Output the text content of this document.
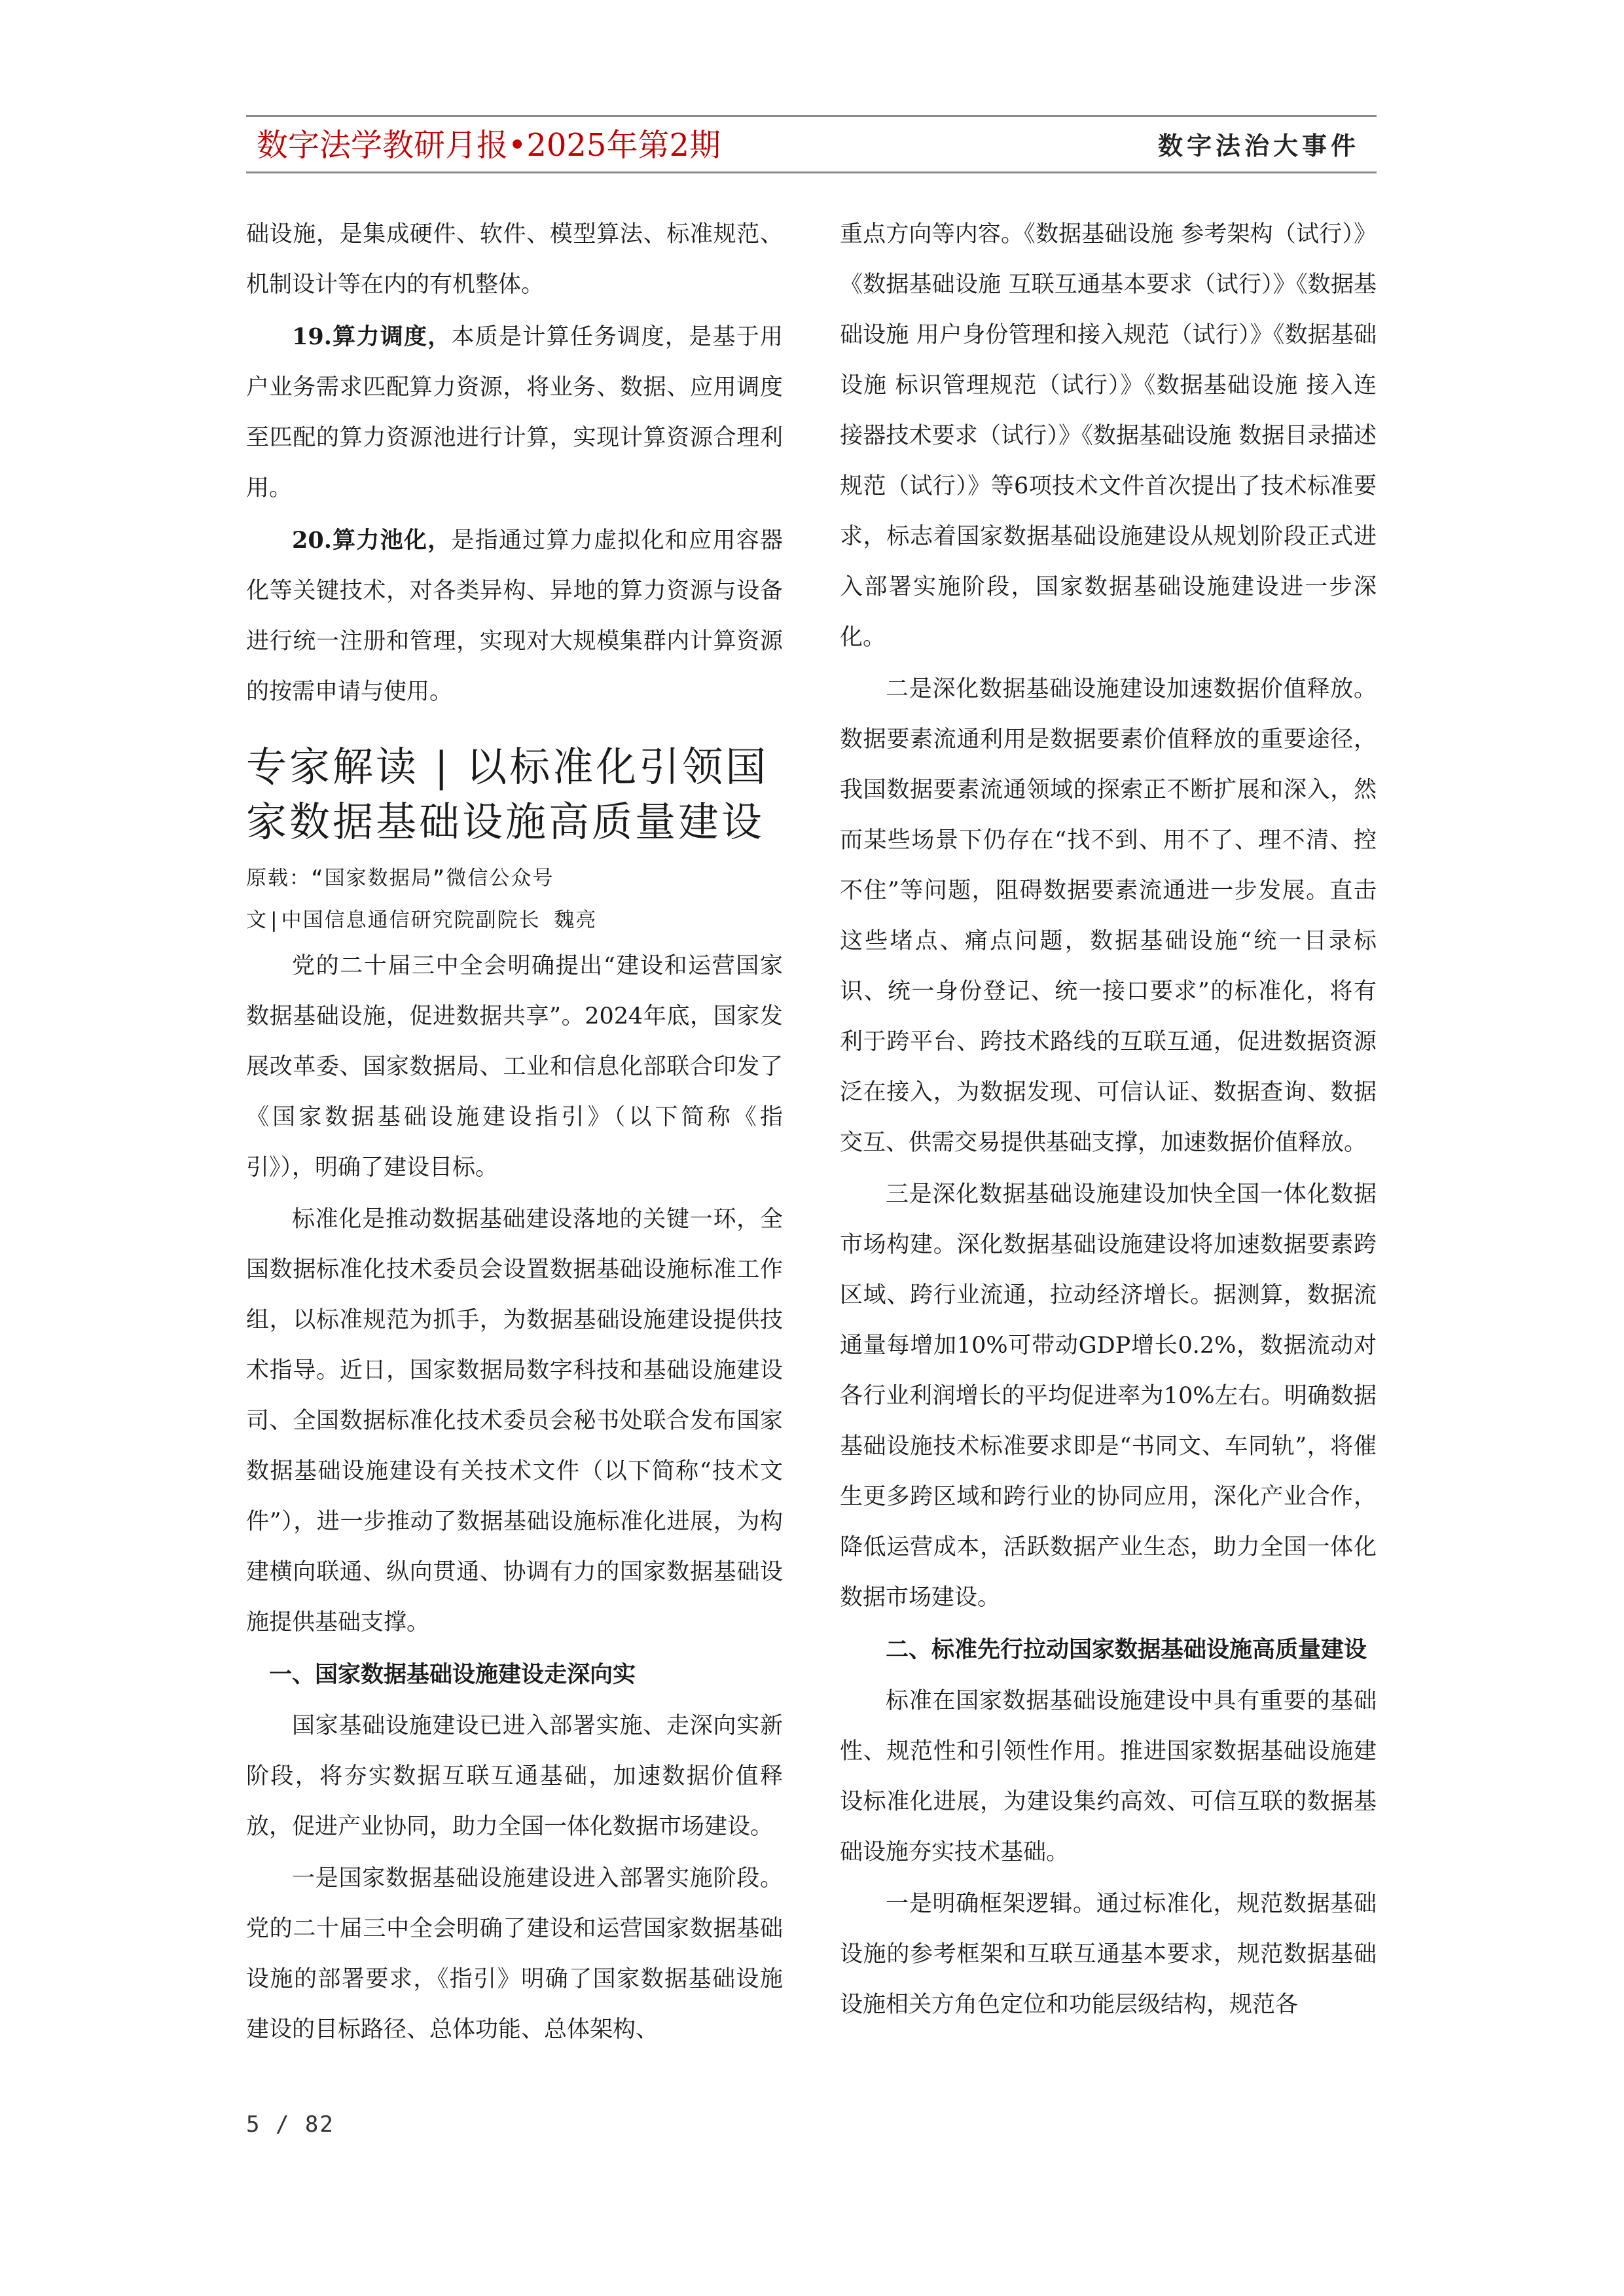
数字法学教研月报•2025年第2期	数字法治大事件

础设施，是集成硬件、软件、模型算法、标准规范、机制设计等在内的有机整体。

19.算力调度，本质是计算任务调度，是基于用户业务需求匹配算力资源，将业务、数据、应用调度至匹配的算力资源池进行计算，实现计算资源合理利用。

20.算力池化，是指通过算力虚拟化和应用容器化等关键技术，对各类异构、异地的算力资源与设备进行统一注册和管理，实现对大规模集群内计算资源的按需申请与使用。

专家解读 | 以标准化引领国家数据基础设施高质量建设

原载：“国家数据局”微信公众号

文|中国信息通信研究院副院长 魏亮

党的二十届三中全会明确提出“建设和运营国家数据基础设施，促进数据共享”。2024年底，国家发展改革委、国家数据局、工业和信息化部联合印发了《国家数据基础设施建设指引》（以下简称《指引》），明确了建设目标。

标准化是推动数据基础建设落地的关键一环，全国数据标准化技术委员会设置数据基础设施标准工作组，以标准规范为抓手，为数据基础设施建设提供技术指导。近日，国家数据局数字科技和基础设施建设司、全国数据标准化技术委员会秘书处联合发布国家数据基础设施建设有关技术文件（以下简称“技术文件”），进一步推动了数据基础设施标准化进展，为构建横向联通、纵向贯通、协调有力的国家数据基础设施提供基础支撑。

一、国家数据基础设施建设走深向实

国家基础设施建设已进入部署实施、走深向实新阶段，将夯实数据互联互通基础，加速数据价值释放，促进产业协同，助力全国一体化数据市场建设。

一是国家数据基础设施建设进入部署实施阶段。党的二十届三中全会明确了建设和运营国家数据基础设施的部署要求，《指引》明确了国家数据基础设施建设的目标路径、总体功能、总体架构、

重点方向等内容。《数据基础设施 参考架构（试行）》《数据基础设施 互联互通基本要求（试行）》《数据基础设施 用户身份管理和接入规范（试行）》《数据基础设施 标识管理规范（试行）》《数据基础设施 接入连接器技术要求（试行）》《数据基础设施 数据目录描述规范（试行）》等6项技术文件首次提出了技术标准要求，标志着国家数据基础设施建设从规划阶段正式进入部署实施阶段，国家数据基础设施建设进一步深化。

二是深化数据基础设施建设加速数据价值释放。数据要素流通利用是数据要素价值释放的重要途径，我国数据要素流通领域的探索正不断扩展和深入，然而某些场景下仍存在“找不到、用不了、理不清、控不住”等问题，阻碍数据要素流通进一步发展。直击这些堵点、痛点问题，数据基础设施“统一目录标识、统一身份登记、统一接口要求”的标准化，将有利于跨平台、跨技术路线的互联互通，促进数据资源泛在接入，为数据发现、可信认证、数据查询、数据交互、供需交易提供基础支撑，加速数据价值释放。

三是深化数据基础设施建设加快全国一体化数据市场构建。深化数据基础设施建设将加速数据要素跨区域、跨行业流通，拉动经济增长。据测算，数据流通量每增加10%可带动GDP增长0.2%，数据流动对各行业利润增长的平均促进率为10%左右。明确数据基础设施技术标准要求即是“书同文、车同轨”，将催生更多跨区域和跨行业的协同应用，深化产业合作，降低运营成本，活跃数据产业生态，助力全国一体化数据市场建设。

二、标准先行拉动国家数据基础设施高质量建设

标准在国家数据基础设施建设中具有重要的基础性、规范性和引领性作用。推进国家数据基础设施建设标准化进展，为建设集约高效、可信互联的数据基础设施夯实技术基础。

一是明确框架逻辑。通过标准化，规范数据基础设施的参考框架和互联互通基本要求，规范数据基础设施相关方角色定位和功能层级结构，规范各

5 / 82
